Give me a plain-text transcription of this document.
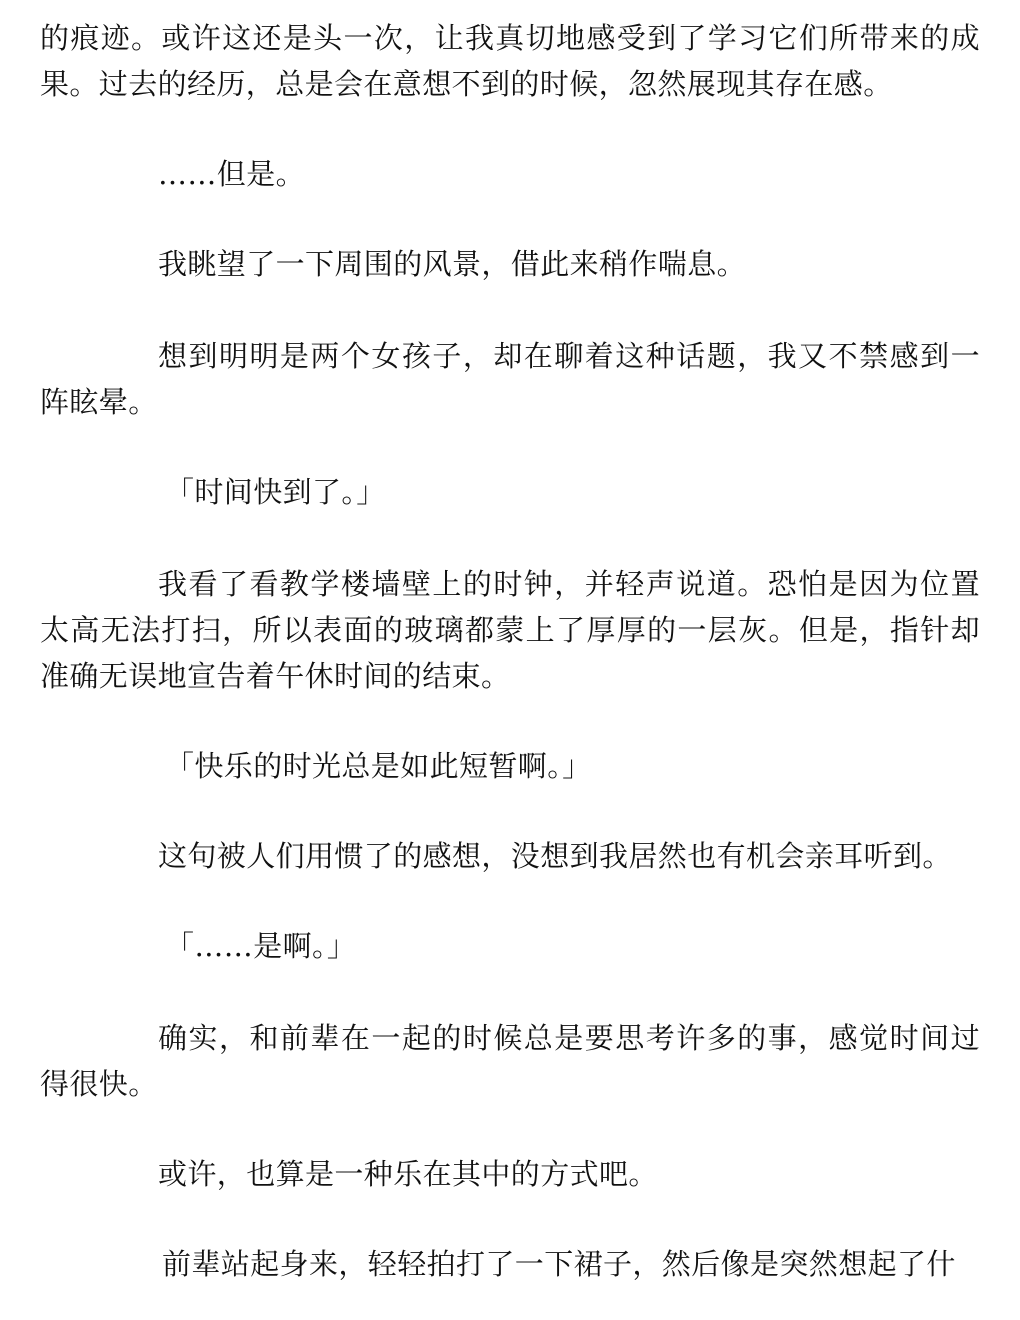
的痕迹。或许这还是头一次，让我真切地感受到了学习它们所带来的成果。过去的经历，总是会在意想不到的时候，忽然展现其存在感。

……但是。

我眺望了一下周围的风景，借此来稍作喘息。

想到明明是两个女孩子，却在聊着这种话题，我又不禁感到一阵眩晕。

「时间快到了。」

我看了看教学楼墙壁上的时钟，并轻声说道。恐怕是因为位置太高无法打扫，所以表面的玻璃都蒙上了厚厚的一层灰。但是，指针却准确无误地宣告着午休时间的结束。

「快乐的时光总是如此短暂啊。」

这句被人们用惯了的感想，没想到我居然也有机会亲耳听到。

「……是啊。」

确实，和前辈在一起的时候总是要思考许多的事，感觉时间过得很快。

或许，也算是一种乐在其中的方式吧。

前辈站起身来，轻轻拍打了一下裙子，然后像是突然想起了什
